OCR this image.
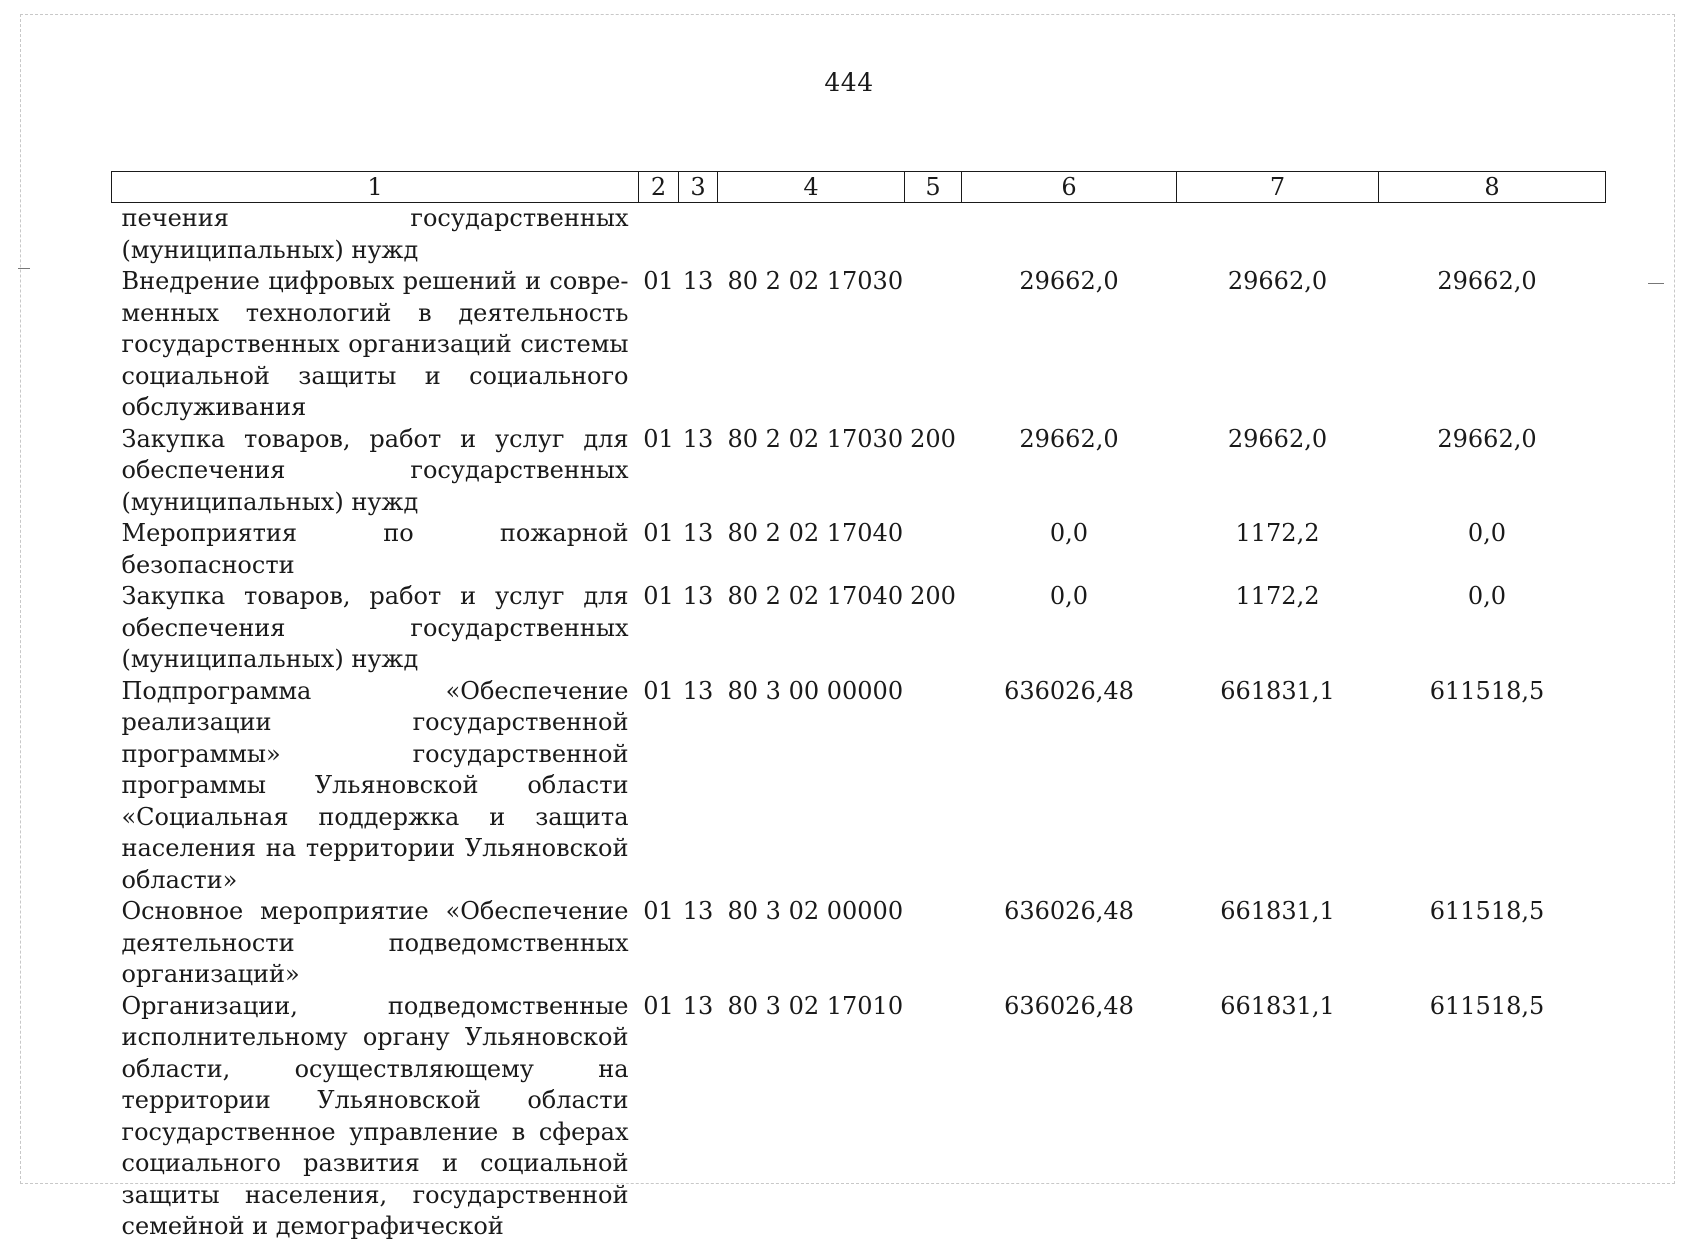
444
1	2	3	4	5	6	7	8
печения государственных (муниципальных) нужд							
Внедрение цифровых решений и современных технологий в деятельность государственных организаций системы социальной защиты и социального обслуживания	01	13	80 2 02 17030		29662,0	29662,0	29662,0
Закупка товаров, работ и услуг для обеспечения государственных (муниципальных) нужд	01	13	80 2 02 17030	200	29662,0	29662,0	29662,0
Мероприятия по пожарной безопасности	01	13	80 2 02 17040		0,0	1172,2	0,0
Закупка товаров, работ и услуг для обеспечения государственных (муниципальных) нужд	01	13	80 2 02 17040	200	0,0	1172,2	0,0
Подпрограмма «Обеспечение реализации государственной программы» государственной программы Ульяновской области «Социальная поддержка и защита населения на территории Ульяновской области»	01	13	80 3 00 00000		636026,48	661831,1	611518,5
Основное мероприятие «Обеспечение деятельности подведомственных организаций»	01	13	80 3 02 00000		636026,48	661831,1	611518,5
Организации, подведомственные исполнительному органу Ульяновской области, осуществляющему на территории Ульяновской области государственное управление в сферах социального развития и социальной защиты населения, государственной семейной и демографической	01	13	80 3 02 17010		636026,48	661831,1	611518,5
